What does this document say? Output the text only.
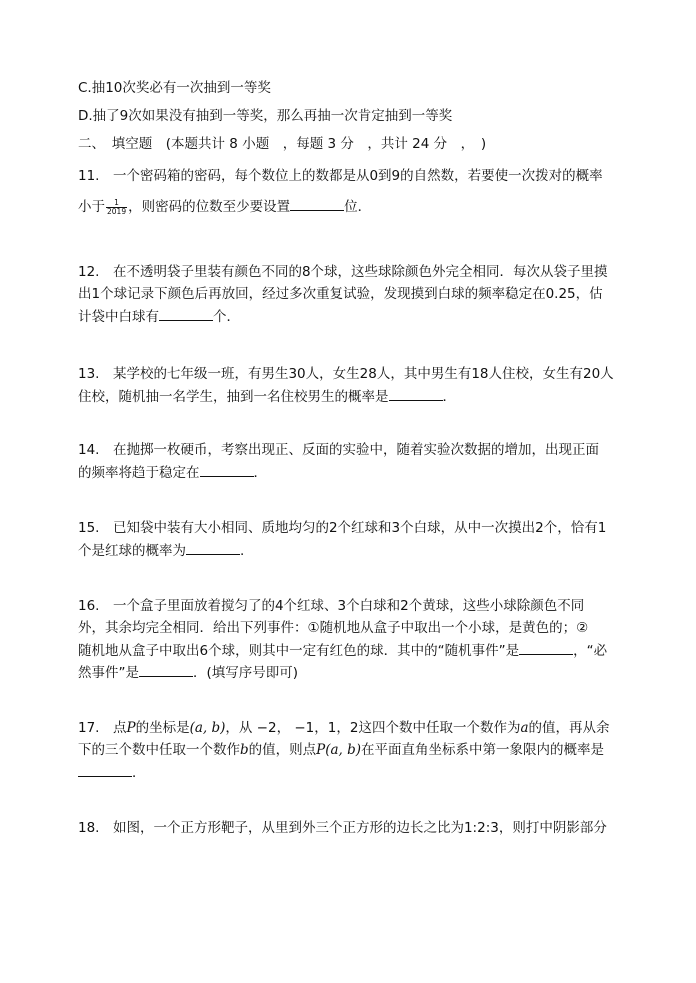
C.抽10次奖必有一次抽到一等奖
D.抽了9次如果没有抽到一等奖，那么再抽一次肯定抽到一等奖
二、　填空题　(本题共计 8 小题　，每题 3 分　，共计 24 分　，　)
11.　一个密码箱的密码，每个数位上的数都是从0到9的自然数，若要使一次拨对的概率
小于 $\frac{1}{2019}$ ，则密码的位数至少要设置	位．
12.　在不透明袋子里装有颜色不同的8个球，这些球除颜色外完全相同．每次从袋子里摸
出1个球记录下颜色后再放回，经过多次重复试验，发现摸到白球的频率稳定在0.25，估
计袋中白球有	个．
13.　某学校的七年级一班，有男生30人，女生28人，其中男生有18人住校，女生有20人
住校，随机抽一名学生，抽到一名住校男生的概率是	．
14.　在抛掷一枚硬币，考察出现正、反面的实验中，随着实验次数据的增加，出现正面
的频率将趋于稳定在	．
15.　已知袋中装有大小相同、质地均匀的2个红球和3个白球，从中一次摸出2个，恰有1
个是红球的概率为	.
16.　一个盒子里面放着搅匀了的4个红球、3个白球和2个黄球，这些小球除颜色不同
外，其余均完全相同．给出下列事件：①随机地从盒子中取出一个小球，是黄色的；②
随机地从盒子中取出6个球，则其中一定有红色的球．其中的“随机事件”是	，“必
然事件”是	．(填写序号即可)
17.　点P的坐标是(a, b)，从 −2， −1，1，2这四个数中任取一个数作为a的值，再从余
下的三个数中任取一个数作b的值，则点P(a, b)在平面直角坐标系中第一象限内的概率是
．
18.　如图，一个正方形靶子，从里到外三个正方形的边长之比为1:2:3，则打中阴影部分
